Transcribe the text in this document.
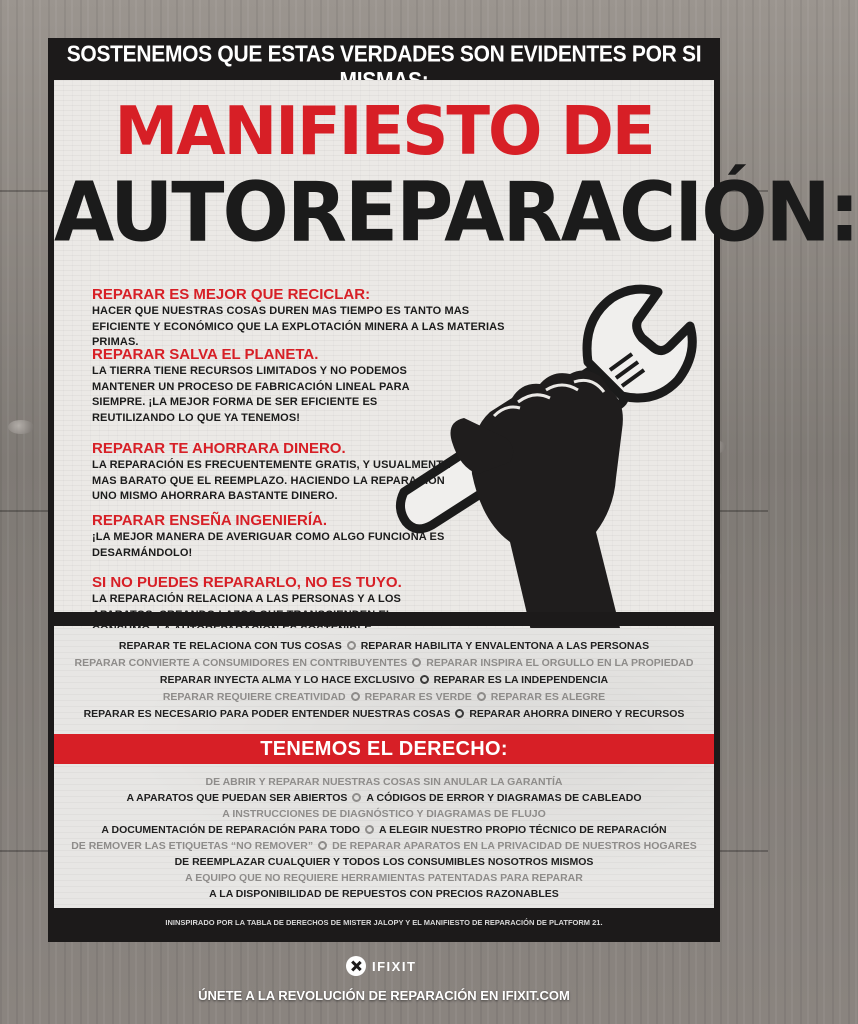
SOSTENEMOS QUE ESTAS VERDADES SON EVIDENTES POR SI
MANIFIESTO DE
AUTOREPARACIÓN:
REPARAR ES MEJOR QUE RECICLAR:
HACER QUE NUESTRAS COSAS DUREN MAS TIEMPO ES TANTO MAS EFICIENTE Y ECONÓMICO QUE LA EXPLOTACIÓN MINERA A LAS MATERIAS PRIMAS.
REPARAR SALVA EL PLANETA.
LA TIERRA TIENE RECURSOS LIMITADOS Y NO PODEMOS MANTENER UN PROCESO DE FABRICACIÓN LINEAL PARA SIEMPRE. ¡LA MEJOR FORMA DE SER EFICIENTE ES REUTILIZANDO LO QUE YA TENEMOS!
REPARAR TE AHORRARA DINERO.
LA REPARACIÓN ES FRECUENTEMENTE GRATIS, Y USUALMENTE MAS BARATO QUE EL REEMPLAZO. HACIENDO LA REPARACIÓN UNO MISMO AHORRARA BASTANTE DINERO.
REPARAR ENSEÑA INGENIERÍA.
¡LA MEJOR MANERA DE AVERIGUAR COMO ALGO FUNCIONA ES DESARMÁNDOLO!
SI NO PUEDES REPARARLO, NO ES TUYO.
LA REPARACIÓN RELACIONA A LAS PERSONAS Y A LOS
REPARAR TE RELACIONA CON TUS COSAS REPARAR HABILITA Y ENVALENTONA A LAS PERSONAS
REPARAR CONVIERTE A CONSUMIDORES EN CONTRIBUYENTES REPARAR INSPIRA EL ORGULLO EN LA PROPIEDAD
REPARAR INYECTA ALMA Y LO HACE EXCLUSIVO REPARAR ES LA INDEPENDENCIA
REPARAR REQUIERE CREATIVIDAD REPARAR ES VERDE REPARAR ES ALEGRE
REPARAR ES NECESARIO PARA PODER ENTENDER NUESTRAS COSAS REPARAR AHORRA DINERO Y RECURSOS
TENEMOS EL DERECHO:
DE ABRIR Y REPARAR NUESTRAS COSAS SIN ANULAR LA GARANTÍA
A APARATOS QUE PUEDAN SER ABIERTOS A CÓDIGOS DE ERROR Y DIAGRAMAS DE CABLEADO
A INSTRUCCIONES DE DIAGNÓSTICO Y DIAGRAMAS DE FLUJO
A DOCUMENTACIÓN DE REPARACIÓN PARA TODO A ELEGIR NUESTRO PROPIO TÉCNICO DE REPARACIÓN
DE REMOVER LAS ETIQUETAS “NO REMOVER” DE REPARAR APARATOS EN LA PRIVACIDAD DE NUESTROS HOGARES
DE REEMPLAZAR CUALQUIER Y TODOS LOS CONSUMIBLES NOSOTROS MISMOS
A EQUIPO QUE NO REQUIERE HERRAMIENTAS PATENTADAS PARA REPARAR
A LA DISPONIBILIDAD DE REPUESTOS CON PRECIOS RAZONABLES
ININSPIRADO POR LA TABLA DE DERECHOS DE MISTER JALOPY Y EL MANIFIESTO DE REPARACIÓN DE PLATFORM 21.
IFIXIT
ÚNETE A LA REVOLUCIÓN DE REPARACIÓN EN IFIXIT.COM
